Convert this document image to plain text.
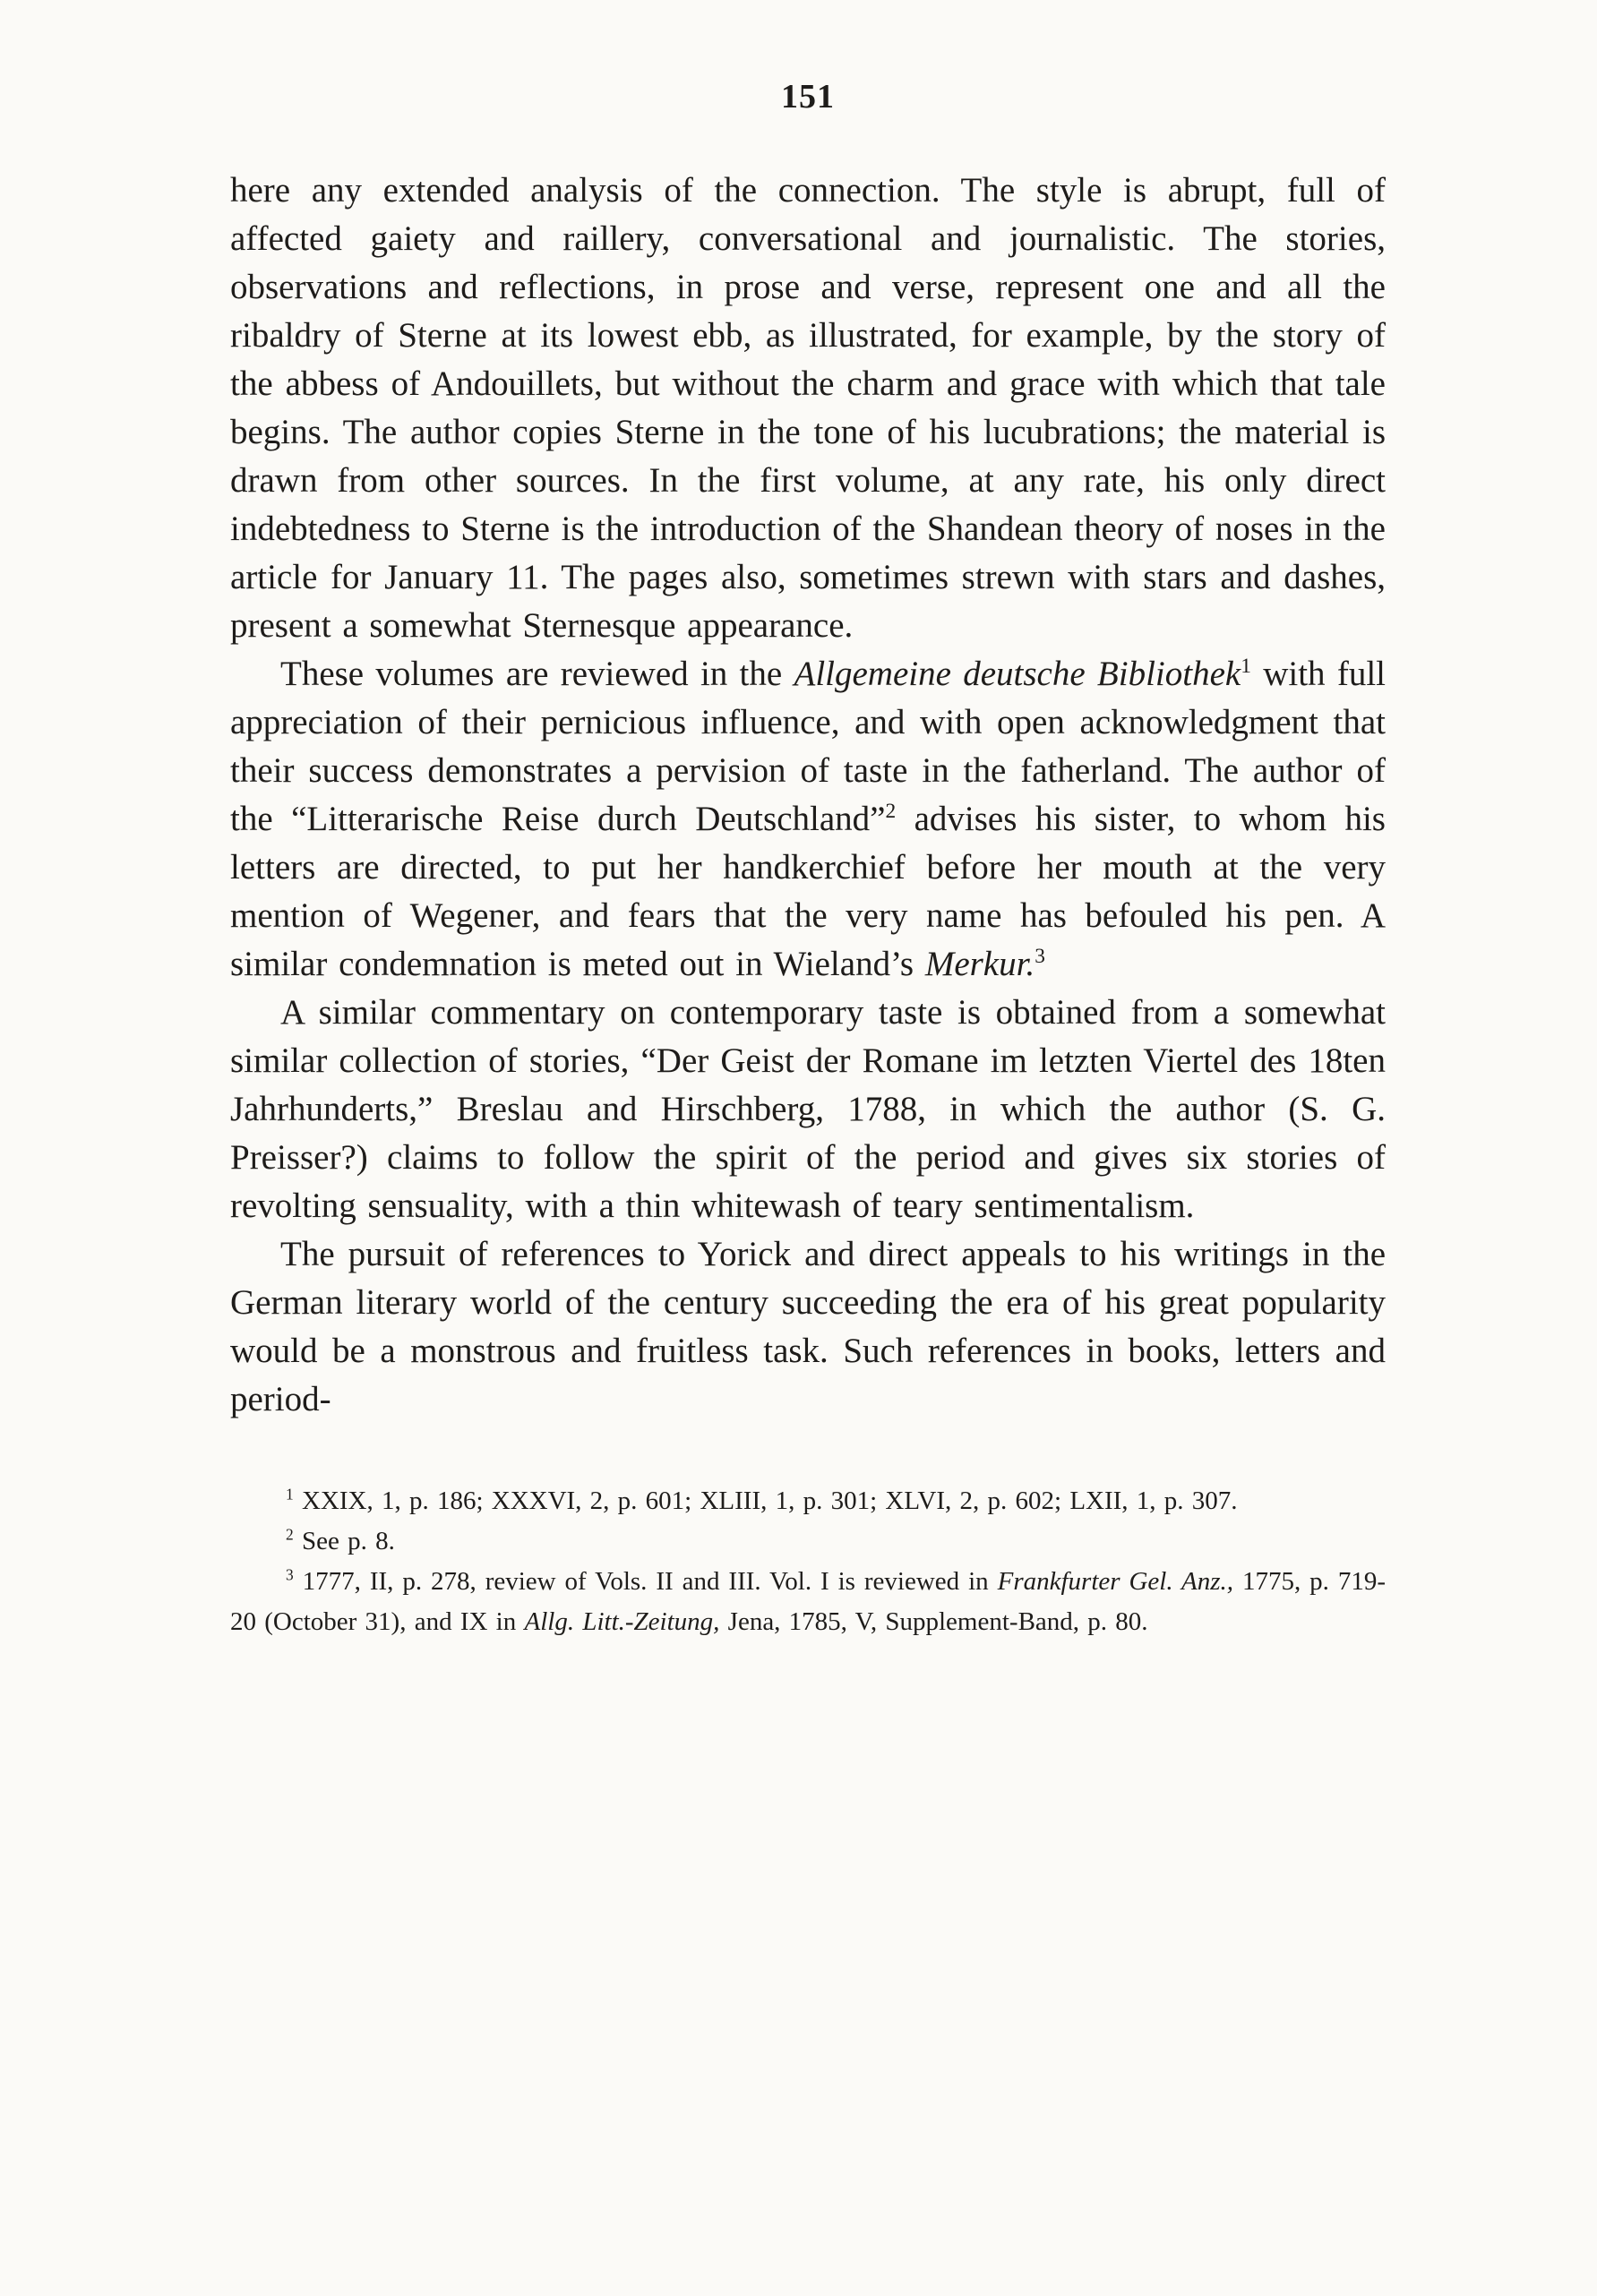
151

here any extended analysis of the connection. The style is abrupt, full of affected gaiety and raillery, conversational and journalistic. The stories, observations and reflections, in prose and verse, represent one and all the ribaldry of Sterne at its lowest ebb, as illustrated, for example, by the story of the abbess of Andouillets, but without the charm and grace with which that tale begins. The author copies Sterne in the tone of his lucubrations; the material is drawn from other sources. In the first volume, at any rate, his only direct indebtedness to Sterne is the introduction of the Shandean theory of noses in the article for January 11. The pages also, sometimes strewn with stars and dashes, present a somewhat Sternesque appearance.

These volumes are reviewed in the Allgemeine deutsche Bibliothek$^1$ with full appreciation of their pernicious influence, and with open acknowledgment that their success demonstrates a pervision of taste in the fatherland. The author of the “Litterarische Reise durch Deutschland”$^2$ advises his sister, to whom his letters are directed, to put her handkerchief before her mouth at the very mention of Wegener, and fears that the very name has befouled his pen. A similar condemnation is meted out in Wieland’s Merkur.$^3$

A similar commentary on contemporary taste is obtained from a somewhat similar collection of stories, “Der Geist der Romane im letzten Viertel des 18ten Jahrhunderts,” Breslau and Hirschberg, 1788, in which the author (S. G. Preisser?) claims to follow the spirit of the period and gives six stories of revolting sensuality, with a thin whitewash of teary sentimentalism.

The pursuit of references to Yorick and direct appeals to his writings in the German literary world of the century succeeding the era of his great popularity would be a monstrous and fruitless task. Such references in books, letters and period-

$^1$ XXIX, 1, p. 186; XXXVI, 2, p. 601; XLIII, 1, p. 301; XLVI, 2, p. 602; LXII, 1, p. 307.

$^2$ See p. 8.

$^3$ 1777, II, p. 278, review of Vols. II and III. Vol. I is reviewed in Frankfurter Gel. Anz., 1775, p. 719-20 (October 31), and IX in Allg. Litt.-Zeitung, Jena, 1785, V, Supplement-Band, p. 80.
